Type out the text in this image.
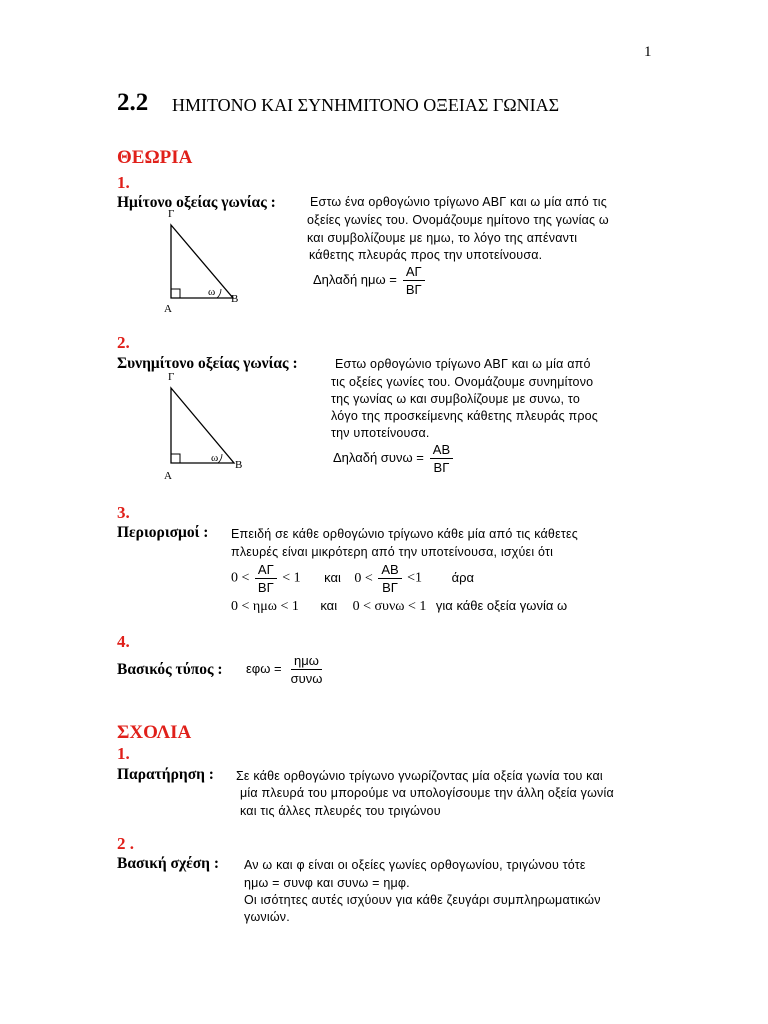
1
2.2 ΗΜΙΤΟΝΟ ΚΑΙ ΣΥΝΗΜΙΤΟΝΟ ΟΞΕΙΑΣ ΓΩΝΙΑΣ
ΘΕΩΡΙΑ
1.
Ημίτονο οξείας γωνίας :	Εστω ένα ορθογώνιο τρίγωνο ΑΒΓ και ω μία από τις
οξείες γωνίες του. Ονομάζουμε ημίτονο της γωνίας ω
και συμβολίζουμε με ημω, το λόγο της απέναντι
κάθετης πλευράς προς την υποτείνουσα.
Δηλαδή $\eta\mu\omega = \frac{A\Gamma}{B\Gamma}$
Γ
ω
Α
Β
2.
Συνημίτονο οξείας γωνίας :	Εστω ορθογώνιο τρίγωνο ΑΒΓ και ω μία από
τις οξείες γωνίες του. Ονομάζουμε συνημίτονο
της γωνίας ω και συμβολίζουμε με συνω, το
λόγο της προσκείμενης κάθετης πλευράς προς
την υποτείνουσα.
Δηλαδή $\sigma\upsilon\nu\omega = \frac{AB}{B\Gamma}$
Γ
ω
Α
Β
3.
Περιορισμοί : Επειδή σε κάθε ορθογώνιο τρίγωνο κάθε μία από τις κάθετες
πλευρές είναι μικρότερη από την υποτείνουσα, ισχύει ότι
$0 < \frac{A\Gamma}{B\Gamma} < 1$ και $0 < \frac{AB}{B\Gamma} <1$ άρα
0 < ημω < 1 και 0 < συνω < 1 για κάθε οξεία γωνία ω
4.
Βασικός τύπος : $\varepsilon\varphi\omega = \frac{\text{ημω}}{\text{συνω}}$
ΣΧΟΛΙΑ
1.
Παρατήρηση : Σε κάθε ορθογώνιο τρίγωνο γνωρίζοντας μία οξεία γωνία του και
μία πλευρά του μπορούμε να υπολογίσουμε την άλλη οξεία γωνία
και τις άλλες πλευρές του τριγώνου
2 .
Βασική σχέση : Αν ω και φ είναι οι οξείες γωνίες ορθογωνίου, τριγώνου τότε
ημω = συνφ και συνω = ημφ.
Οι ισότητες αυτές ισχύουν για κάθε ζευγάρι συμπληρωματικών
γωνιών.
